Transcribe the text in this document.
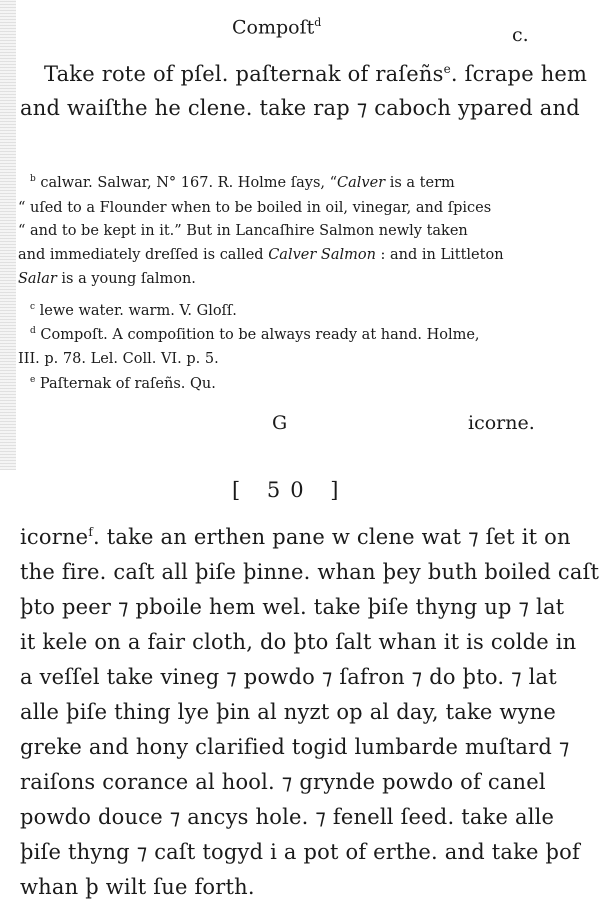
Compoſt$^d$
c.
Take rote of pſel. paſternak of raſeñs$^e$. ſcrape hem
and waiſthe he clene. take rap ⁊ caboch ypared and
$^b$ calwar. Salwar, N° 167. R. Holme ſays, “Calver is a term
“ uſed to a Flounder when to be boiled in oil, vinegar, and ſpices
“ and to be kept in it.” But in Lancaſhire Salmon newly taken
and immediately dreſſed is called Calver Salmon : and in Littleton
Salar is a young ſalmon.
$^c$ lewe water. warm. V. Gloſſ.
$^d$ Compoſt. A compoſition to be always ready at hand. Holme,
III. p. 78. Lel. Coll. VI. p. 5.
$^e$ Paſternak of raſeñs. Qu.
G	icorne.
[ 50 ]
icorne$^f$. take an erthen pane w clene wat ⁊ ſet it on
the fire. caſt all þiſe þinne. whan þey buth boiled caſt
þto peer ⁊ pboile hem wel. take þiſe thyng up ⁊ lat
it kele on a fair cloth, do þto ſalt whan it is colde in
a veſſel take vineg ⁊ powdo ⁊ ſafron ⁊ do þto. ⁊ lat
alle þiſe thing lye þin al nyzt op al day, take wyne
greke and hony clarified togid lumbarde muſtard ⁊
raiſons corance al hool. ⁊ grynde powdo of canel
powdo douce ⁊ ancys hole. ⁊ fenell ſeed. take alle
þiſe thyng ⁊ caſt togyd i a pot of erthe. and take þof
whan þ wilt ſue forth.
